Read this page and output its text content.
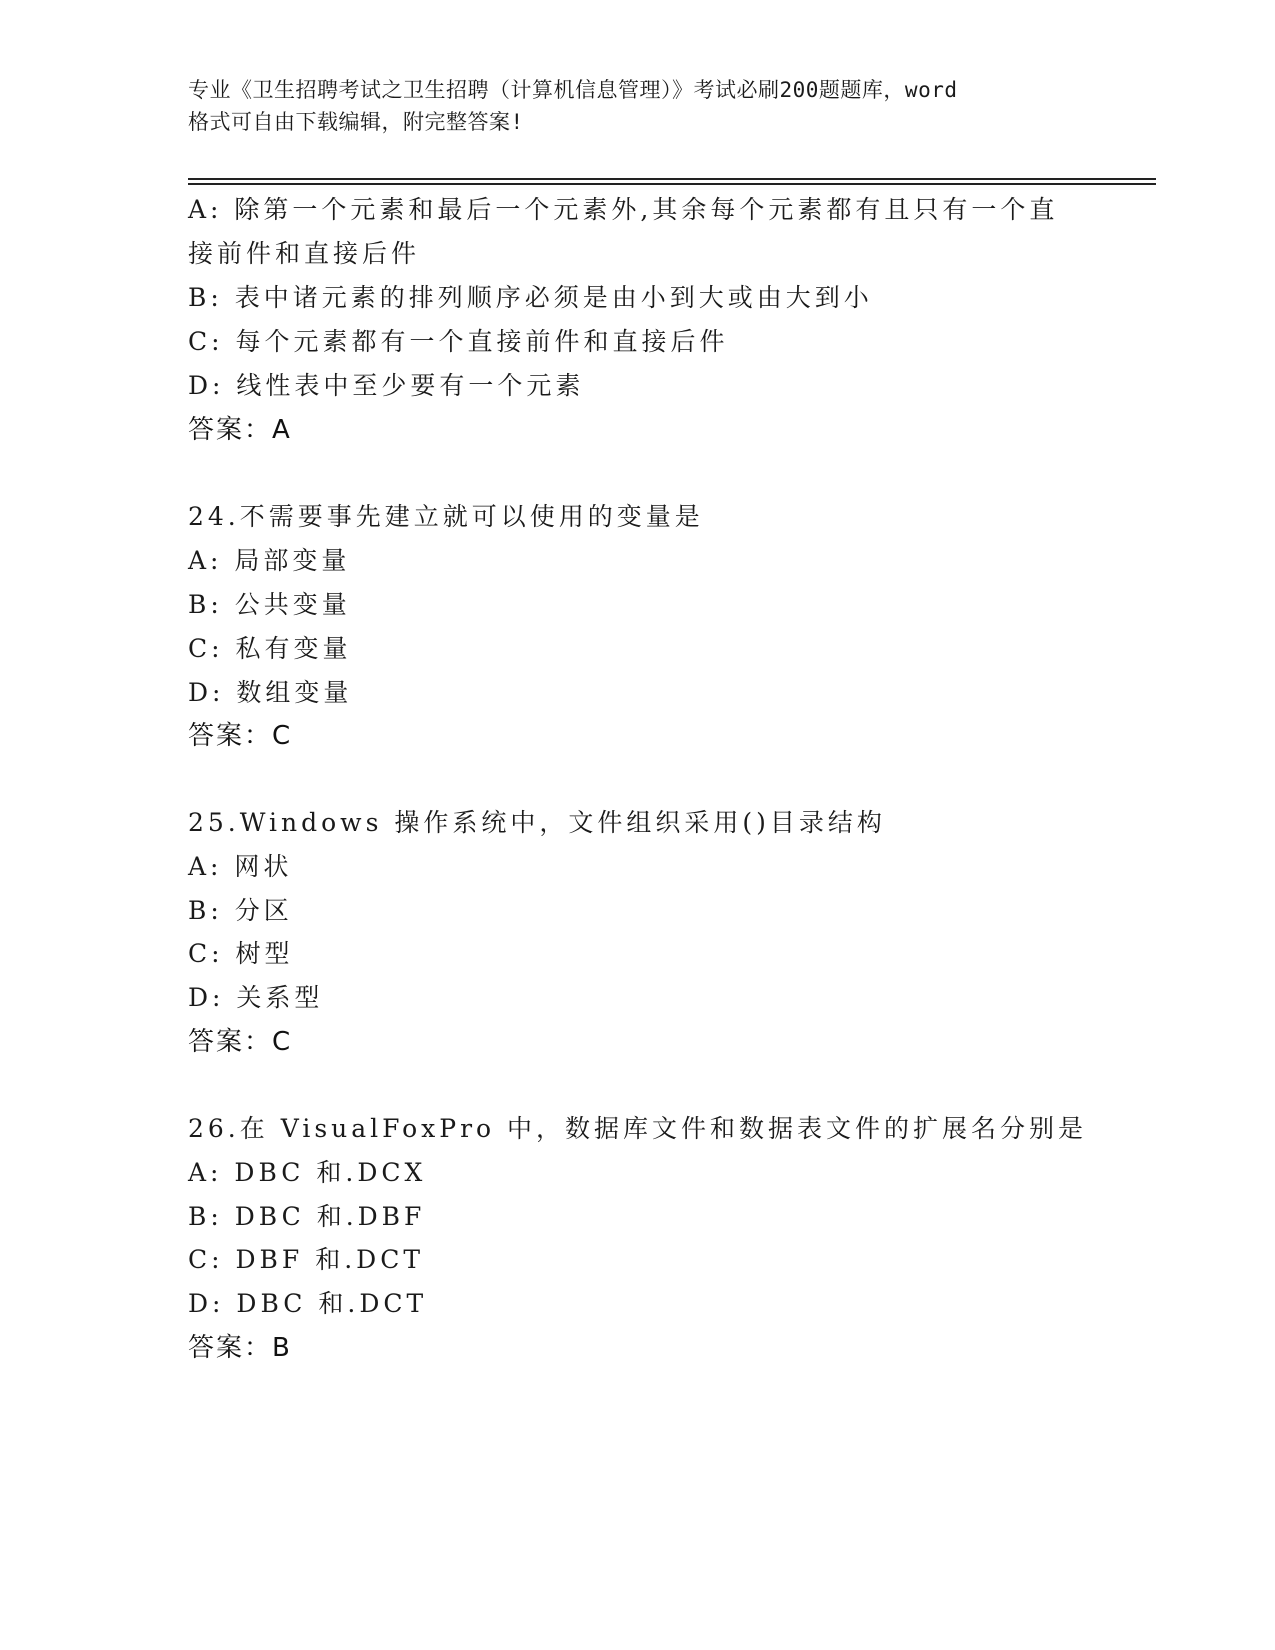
专业《卫生招聘考试之卫生招聘（计算机信息管理）》考试必刷200题题库，word
格式可自由下载编辑，附完整答案!
A: 除第一个元素和最后一个元素外,其余每个元素都有且只有一个直
接前件和直接后件
B: 表中诸元素的排列顺序必须是由小到大或由大到小
C: 每个元素都有一个直接前件和直接后件
D: 线性表中至少要有一个元素
答案：A
24.不需要事先建立就可以使用的变量是
A: 局部变量
B: 公共变量
C: 私有变量
D: 数组变量
答案：C
25.Windows 操作系统中，文件组织采用()目录结构
A: 网状
B: 分区
C: 树型
D: 关系型
答案：C
26.在 VisualFoxPro 中，数据库文件和数据表文件的扩展名分别是
A: DBC 和.DCX
B: DBC 和.DBF
C: DBF 和.DCT
D: DBC 和.DCT
答案：B
